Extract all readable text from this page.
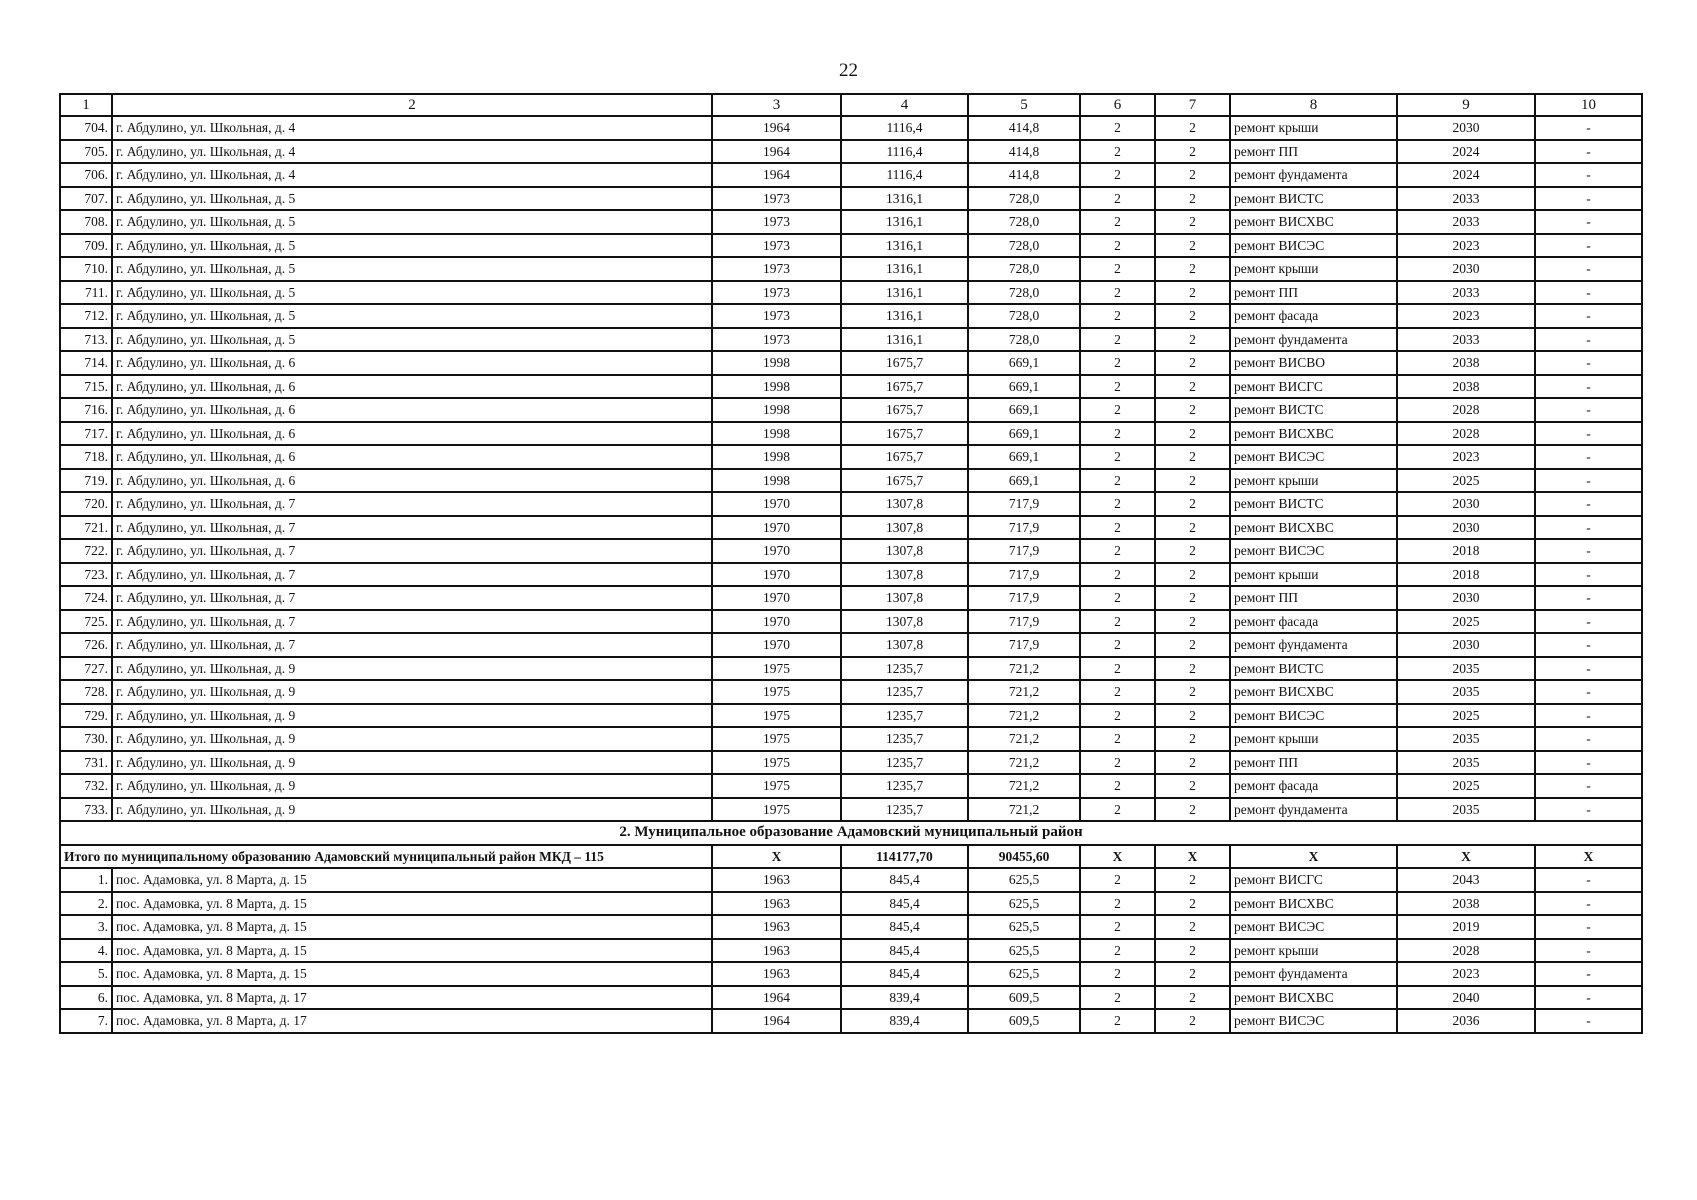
22
1	2	3	4	5	6	7	8	9	10
704.	г. Абдулино, ул. Школьная, д. 4	1964	1116,4	414,8	2	2	ремонт крыши	2030	-
705.	г. Абдулино, ул. Школьная, д. 4	1964	1116,4	414,8	2	2	ремонт ПП	2024	-
706.	г. Абдулино, ул. Школьная, д. 4	1964	1116,4	414,8	2	2	ремонт фундамента	2024	-
707.	г. Абдулино, ул. Школьная, д. 5	1973	1316,1	728,0	2	2	ремонт ВИСТС	2033	-
708.	г. Абдулино, ул. Школьная, д. 5	1973	1316,1	728,0	2	2	ремонт ВИСХВС	2033	-
709.	г. Абдулино, ул. Школьная, д. 5	1973	1316,1	728,0	2	2	ремонт ВИСЭС	2023	-
710.	г. Абдулино, ул. Школьная, д. 5	1973	1316,1	728,0	2	2	ремонт крыши	2030	-
711.	г. Абдулино, ул. Школьная, д. 5	1973	1316,1	728,0	2	2	ремонт ПП	2033	-
712.	г. Абдулино, ул. Школьная, д. 5	1973	1316,1	728,0	2	2	ремонт фасада	2023	-
713.	г. Абдулино, ул. Школьная, д. 5	1973	1316,1	728,0	2	2	ремонт фундамента	2033	-
714.	г. Абдулино, ул. Школьная, д. 6	1998	1675,7	669,1	2	2	ремонт ВИСВО	2038	-
715.	г. Абдулино, ул. Школьная, д. 6	1998	1675,7	669,1	2	2	ремонт ВИСГС	2038	-
716.	г. Абдулино, ул. Школьная, д. 6	1998	1675,7	669,1	2	2	ремонт ВИСТС	2028	-
717.	г. Абдулино, ул. Школьная, д. 6	1998	1675,7	669,1	2	2	ремонт ВИСХВС	2028	-
718.	г. Абдулино, ул. Школьная, д. 6	1998	1675,7	669,1	2	2	ремонт ВИСЭС	2023	-
719.	г. Абдулино, ул. Школьная, д. 6	1998	1675,7	669,1	2	2	ремонт крыши	2025	-
720.	г. Абдулино, ул. Школьная, д. 7	1970	1307,8	717,9	2	2	ремонт ВИСТС	2030	-
721.	г. Абдулино, ул. Школьная, д. 7	1970	1307,8	717,9	2	2	ремонт ВИСХВС	2030	-
722.	г. Абдулино, ул. Школьная, д. 7	1970	1307,8	717,9	2	2	ремонт ВИСЭС	2018	-
723.	г. Абдулино, ул. Школьная, д. 7	1970	1307,8	717,9	2	2	ремонт крыши	2018	-
724.	г. Абдулино, ул. Школьная, д. 7	1970	1307,8	717,9	2	2	ремонт ПП	2030	-
725.	г. Абдулино, ул. Школьная, д. 7	1970	1307,8	717,9	2	2	ремонт фасада	2025	-
726.	г. Абдулино, ул. Школьная, д. 7	1970	1307,8	717,9	2	2	ремонт фундамента	2030	-
727.	г. Абдулино, ул. Школьная, д. 9	1975	1235,7	721,2	2	2	ремонт ВИСТС	2035	-
728.	г. Абдулино, ул. Школьная, д. 9	1975	1235,7	721,2	2	2	ремонт ВИСХВС	2035	-
729.	г. Абдулино, ул. Школьная, д. 9	1975	1235,7	721,2	2	2	ремонт ВИСЭС	2025	-
730.	г. Абдулино, ул. Школьная, д. 9	1975	1235,7	721,2	2	2	ремонт крыши	2035	-
731.	г. Абдулино, ул. Школьная, д. 9	1975	1235,7	721,2	2	2	ремонт ПП	2035	-
732.	г. Абдулино, ул. Школьная, д. 9	1975	1235,7	721,2	2	2	ремонт фасада	2025	-
733.	г. Абдулино, ул. Школьная, д. 9	1975	1235,7	721,2	2	2	ремонт фундамента	2035	-
2. Муниципальное образование Адамовский муниципальный район									
Итого по муниципальному образованию Адамовский муниципальный район МКД – 115		X	114177,70	90455,60	X	X	X	X	X
1.	пос. Адамовка, ул. 8 Марта, д. 15	1963	845,4	625,5	2	2	ремонт ВИСГС	2043	-
2.	пос. Адамовка, ул. 8 Марта, д. 15	1963	845,4	625,5	2	2	ремонт ВИСХВС	2038	-
3.	пос. Адамовка, ул. 8 Марта, д. 15	1963	845,4	625,5	2	2	ремонт ВИСЭС	2019	-
4.	пос. Адамовка, ул. 8 Марта, д. 15	1963	845,4	625,5	2	2	ремонт крыши	2028	-
5.	пос. Адамовка, ул. 8 Марта, д. 15	1963	845,4	625,5	2	2	ремонт фундамента	2023	-
6.	пос. Адамовка, ул. 8 Марта, д. 17	1964	839,4	609,5	2	2	ремонт ВИСХВС	2040	-
7.	пос. Адамовка, ул. 8 Марта, д. 17	1964	839,4	609,5	2	2	ремонт ВИСЭС	2036	-
